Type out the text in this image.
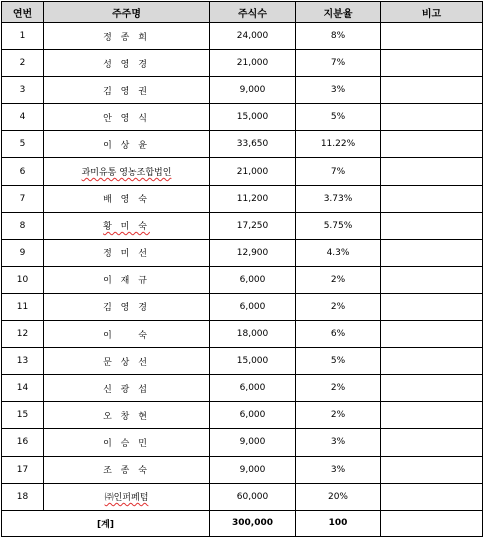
연번	주주명	주식수	지분율	비고
1	정 종 희	24,000	8%	
2	성 영 경	21,000	7%	
3	김 영 권	9,000	3%	
4	안 영 식	15,000	5%	
5	이 상 윤	33,650	11.22%	
6	과미유통 영농조합법인	21,000	7%	
7	배 영 숙	11,200	3.73%	
8	황 미 숙	17,250	5.75%	
9	정 미 선	12,900	4.3%	
10	이 재 규	6,000	2%	
11	김 영 경	6,000	2%	
12	이    숙	18,000	6%	
13	문 상 선	15,000	5%	
14	신 광 섭	6,000	2%	
15	오 창 현	6,000	2%	
16	이 승 민	9,000	3%	
17	조 종 숙	9,000	3%	
18	㈜인퍼페텀	60,000	20%	
[계]		300,000	100	
